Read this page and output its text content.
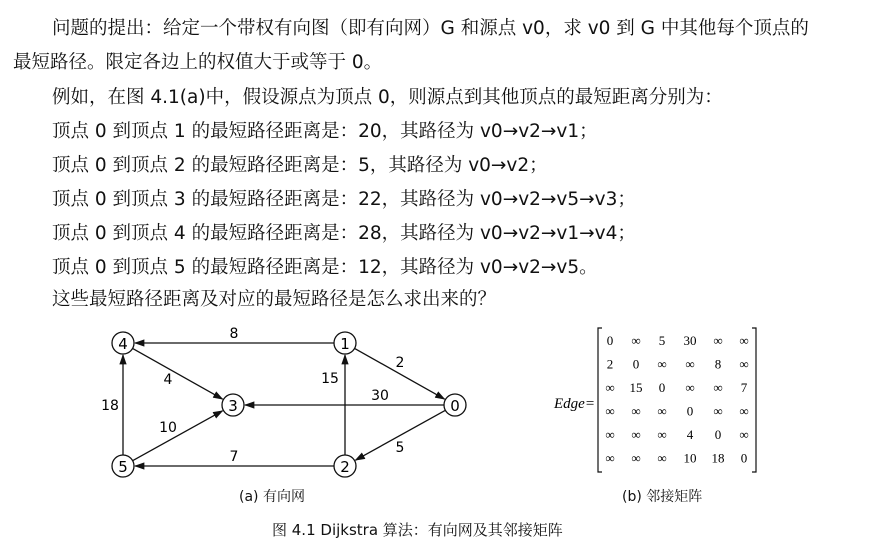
问题的提出：给定一个带权有向图（即有向网）G 和源点 v0，求 v0 到 G 中其他每个顶点的
最短路径。限定各边上的权值大于或等于 0。
例如，在图 4.1(a)中，假设源点为顶点 0，则源点到其他顶点的最短距离分别为：
顶点 0 到顶点 1 的最短路径距离是：20，其路径为 v0→v2→v1；
顶点 0 到顶点 2 的最短路径距离是：5，其路径为 v0→v2；
顶点 0 到顶点 3 的最短路径距离是：22，其路径为 v0→v2→v5→v3；
顶点 0 到顶点 4 的最短路径距离是：28，其路径为 v0→v2→v1→v4；
顶点 0 到顶点 5 的最短路径距离是：12，其路径为 v0→v2→v5。
这些最短路径距离及对应的最短路径是怎么求出来的？
8
2
30
5
15
7
4
10
18	0
1
2
3
4
5
(a) 有向网
Edge=
0 ∞ 5 30 ∞ ∞
2 0 ∞ ∞ 8 ∞
∞ 15 0 ∞ ∞ 7
∞ ∞ ∞ 0 ∞ ∞
∞ ∞ ∞ 4 0 ∞
∞ ∞ ∞ 10 18 0
(b) 邻接矩阵
图 4.1 Dijkstra 算法：有向网及其邻接矩阵
